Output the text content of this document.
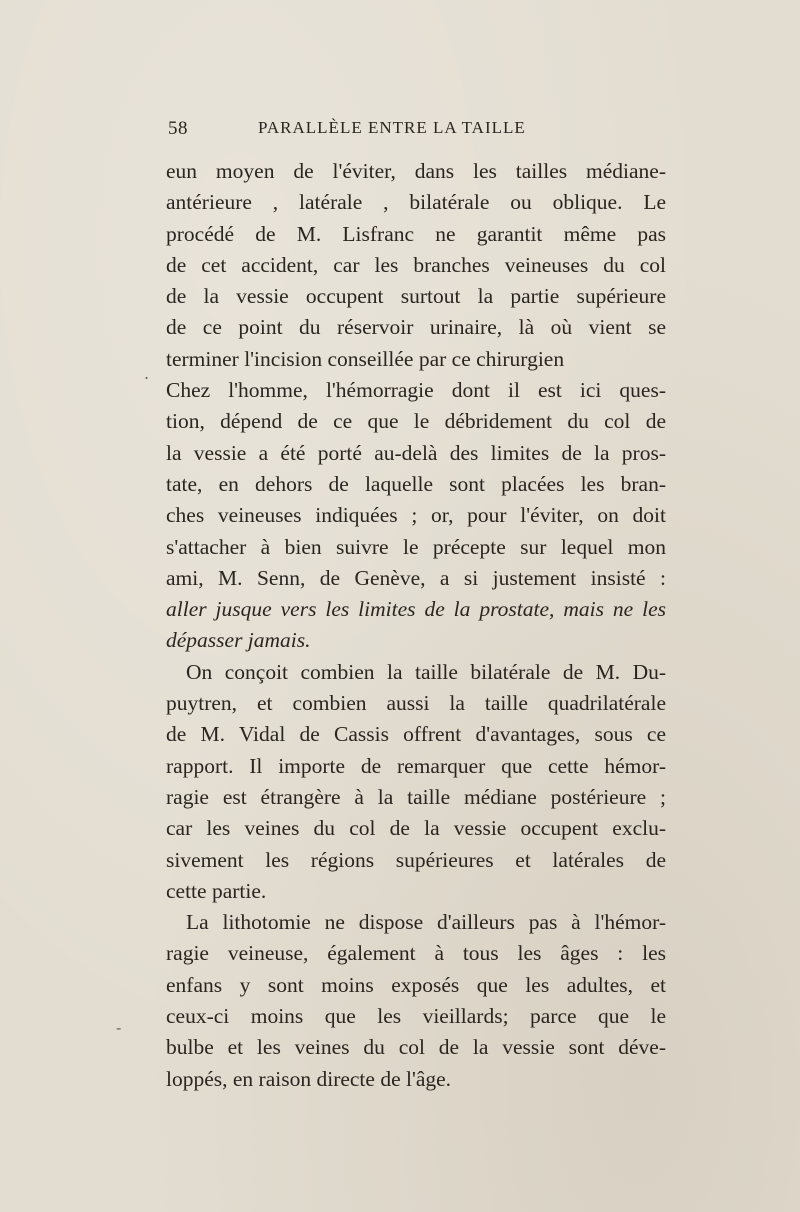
58	PARALLÈLE ENTRE LA TAILLE
eun moyen de l'éviter, dans les tailles médiane-
antérieure , latérale , bilatérale ou oblique. Le
procédé de M. Lisfranc ne garantit même pas
de cet accident, car les branches veineuses du col
de la vessie occupent surtout la partie supérieure
de ce point du réservoir urinaire, là où vient se
terminer l'incision conseillée par ce chirurgien
Chez l'homme, l'hémorragie dont il est ici ques-
tion, dépend de ce que le débridement du col de
la vessie a été porté au-delà des limites de la pros-
tate, en dehors de laquelle sont placées les bran-
ches veineuses indiquées ; or, pour l'éviter, on doit
s'attacher à bien suivre le précepte sur lequel mon
ami, M. Senn, de Genève, a si justement insisté :
aller jusque vers les limites de la prostate, mais ne les
dépasser jamais.
On conçoit combien la taille bilatérale de M. Du-
puytren, et combien aussi la taille quadrilatérale
de M. Vidal de Cassis offrent d'avantages, sous ce
rapport. Il importe de remarquer que cette hémor-
ragie est étrangère à la taille médiane postérieure ;
car les veines du col de la vessie occupent exclu-
sivement les régions supérieures et latérales de
cette partie.
La lithotomie ne dispose d'ailleurs pas à l'hémor-
ragie veineuse, également à tous les âges : les
enfans y sont moins exposés que les adultes, et
ceux-ci moins que les vieillards; parce que le
bulbe et les veines du col de la vessie sont déve-
loppés, en raison directe de l'âge.
.
-
